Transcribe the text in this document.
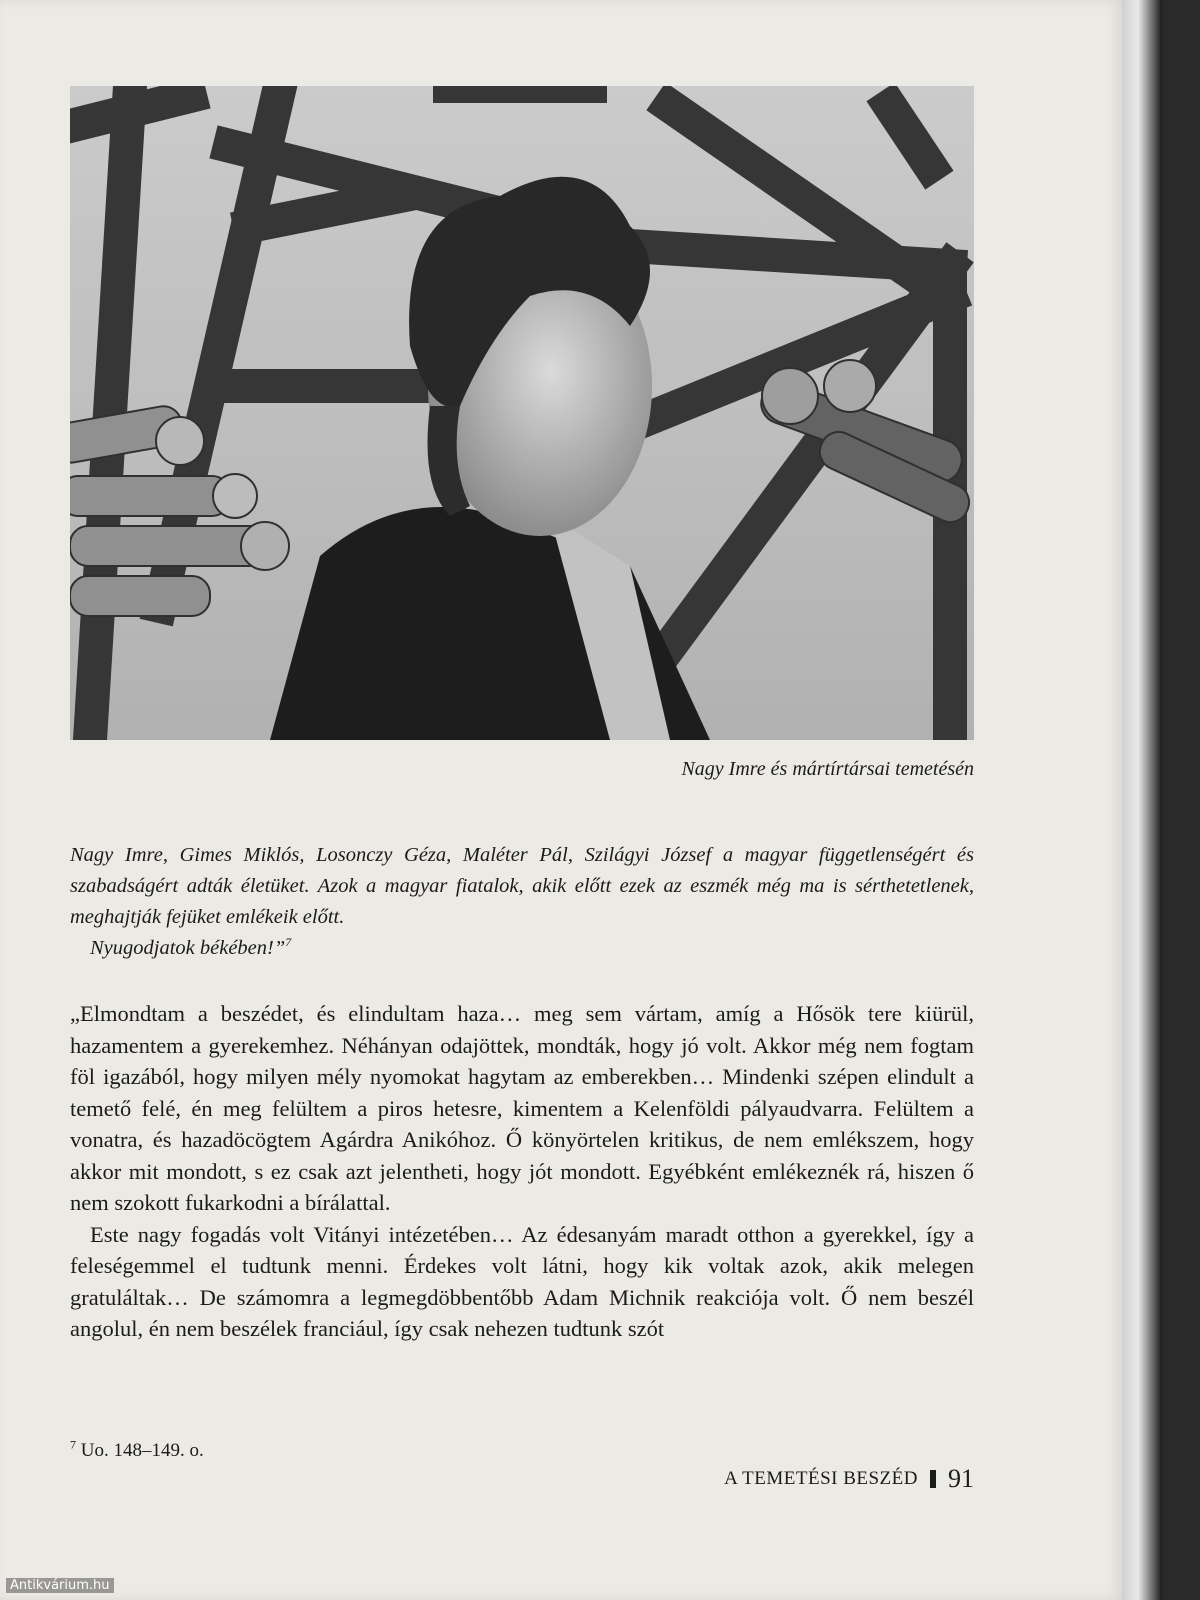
Nagy Imre és mártírtársai temetésén

Nagy Imre, Gimes Miklós, Losonczy Géza, Maléter Pál, Szilágyi József a magyar függetlenségért és szabadságért adták életüket. Azok a magyar fiatalok, akik előtt ezek az eszmék még ma is sérthetetlenek, meghajtják fejüket emlékeik előtt.

Nyugodjatok békében!”$^7$

„Elmondtam a beszédet, és elindultam haza… meg sem vártam, amíg a Hősök tere kiürül, hazamentem a gyerekemhez. Néhányan odajöttek, mondták, hogy jó volt. Akkor még nem fogtam föl igazából, hogy milyen mély nyomokat hagytam az emberekben… Mindenki szépen elindult a temető felé, én meg felültem a piros hetesre, kimentem a Kelenföldi pályaudvarra. Felültem a vonatra, és hazadöcögtem Agárdra Anikóhoz. Ő könyörtelen kritikus, de nem emlékszem, hogy akkor mit mondott, s ez csak azt jelentheti, hogy jót mondott. Egyébként emlékeznék rá, hiszen ő nem szokott fukarkodni a bírálattal.

Este nagy fogadás volt Vitányi intézetében… Az édesanyám maradt otthon a gyerekkel, így a feleségemmel el tudtunk menni. Érdekes volt látni, hogy kik voltak azok, akik melegen gratuláltak… De számomra a legmegdöbbentőbb Adam Michnik reakciója volt. Ő nem beszél angolul, én nem beszélek franciául, így csak nehezen tudtunk szót

$^7$ Uo. 148–149. o.
A TEMETÉSI BESZÉD 91
Antikvárium.hu
